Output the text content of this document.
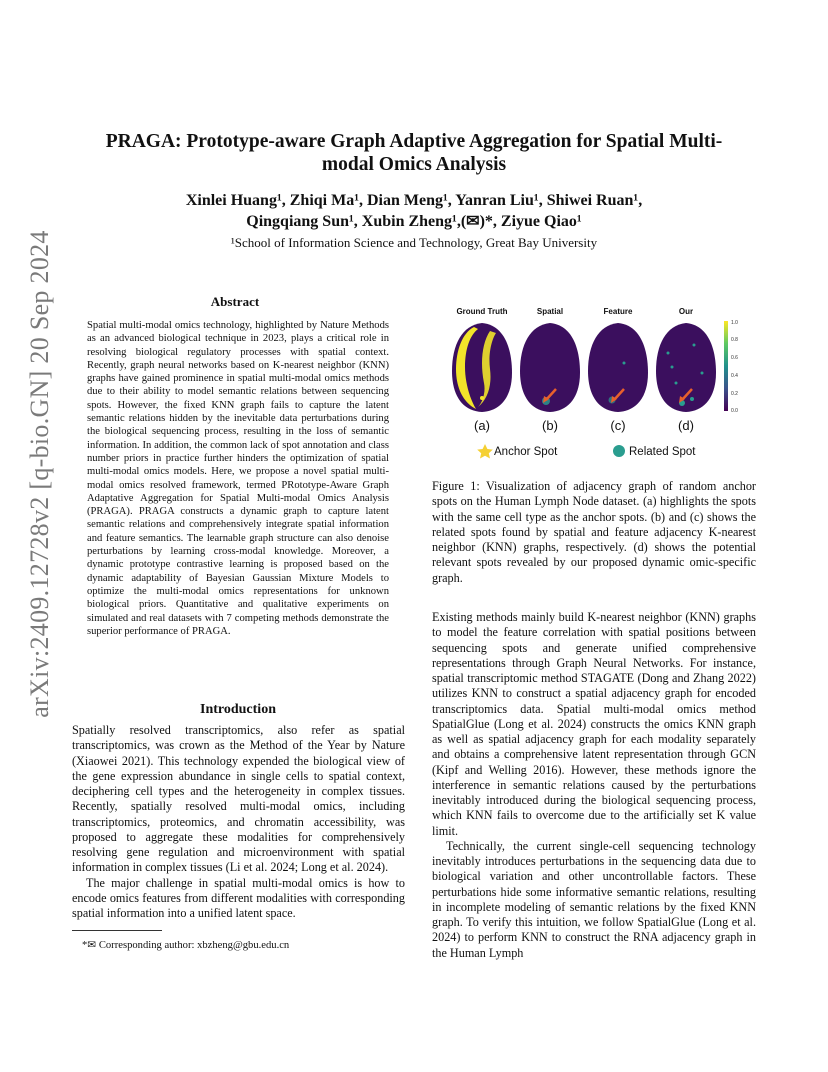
arXiv:2409.12728v2 [q-bio.GN] 20 Sep 2024
PRAGA: Prototype-aware Graph Adaptive Aggregation for Spatial Multi-modal Omics Analysis
Xinlei Huang¹, Zhiqi Ma¹, Dian Meng¹, Yanran Liu¹, Shiwei Ruan¹,
Qingqiang Sun¹, Xubin Zheng¹,(✉)*, Ziyue Qiao¹
¹School of Information Science and Technology, Great Bay University
Abstract
Spatial multi-modal omics technology, highlighted by Nature Methods as an advanced biological technique in 2023, plays a critical role in resolving biological regulatory processes with spatial context. Recently, graph neural networks based on K-nearest neighbor (KNN) graphs have gained prominence in spatial multi-modal omics methods due to their ability to model semantic relations between sequencing spots. However, the fixed KNN graph fails to capture the latent semantic relations hidden by the inevitable data perturbations during the biological sequencing process, resulting in the loss of semantic information. In addition, the common lack of spot annotation and class number priors in practice further hinders the optimization of spatial multi-modal omics models. Here, we propose a novel spatial multi-modal omics resolved framework, termed PRototype-Aware Graph Adaptative Aggregation for Spatial Multi-modal Omics Analysis (PRAGA). PRAGA constructs a dynamic graph to capture latent semantic relations and comprehensively integrate spatial information and feature semantics. The learnable graph structure can also denoise perturbations by learning cross-modal knowledge. Moreover, a dynamic prototype contrastive learning is proposed based on the dynamic adaptability of Bayesian Gaussian Mixture Models to optimize the multi-modal omics representations for unknown biological priors. Quantitative and qualitative experiments on simulated and real datasets with 7 competing methods demonstrate the superior performance of PRAGA.
Introduction

Spatially resolved transcriptomics, also refer as spatial transcriptomics, was crown as the Method of the Year by Nature (Xiaowei 2021). This technology expended the biological view of the gene expression abundance in single cells to spatial context, deciphering cell types and the heterogeneity in complex tissues. Recently, spatially resolved multi-modal omics, including transcriptomics, proteomics, and chromatin accessibility, was proposed to aggregate these modalities for comprehensively resolving gene regulation and microenvironment with spatial information in complex tissues (Li et al. 2024; Long et al. 2024).

The major challenge in spatial multi-modal omics is how to encode omics features from different modalities with corresponding spatial information into a unified latent space.

*✉ Corresponding author: xbzheng@gbu.edu.cn
Ground Truth	Spatial	Feature	Our
1.0
0.8
0.6
0.4
0.2
0.0
(a)	(b)	(c)	(d)
Anchor Spot	Related Spot
Figure 1: Visualization of adjacency graph of random anchor spots on the Human Lymph Node dataset. (a) highlights the spots with the same cell type as the anchor spots. (b) and (c) shows the related spots found by spatial and feature adjacency K-nearest neighbor (KNN) graphs, respectively. (d) shows the potential relevant spots revealed by our proposed dynamic omic-specific graph.

Existing methods mainly build K-nearest neighbor (KNN) graphs to model the feature correlation with spatial positions between sequencing spots and generate unified comprehensive representations through Graph Neural Networks. For instance, spatial transcriptomic method STAGATE (Dong and Zhang 2022) utilizes KNN to construct a spatial adjacency graph for encoded transcriptomics data. Spatial multi-modal omics method SpatialGlue (Long et al. 2024) constructs the omics KNN graph as well as spatial adjacency graph for each modality separately and obtains a comprehensive latent representation through GCN (Kipf and Welling 2016). However, these methods ignore the interference in semantic relations caused by the perturbations inevitably introduced during the biological sequencing process, which KNN fails to overcome due to the artificially set K value limit.

Technically, the current single-cell sequencing technology inevitably introduces perturbations in the sequencing data due to biological variation and other uncontrollable factors. These perturbations hide some informative semantic relations, resulting in incomplete modeling of semantic relations by the fixed KNN graph. To verify this intuition, we follow SpatialGlue (Long et al. 2024) to perform KNN to construct the RNA adjacency graph in the Human Lymph
